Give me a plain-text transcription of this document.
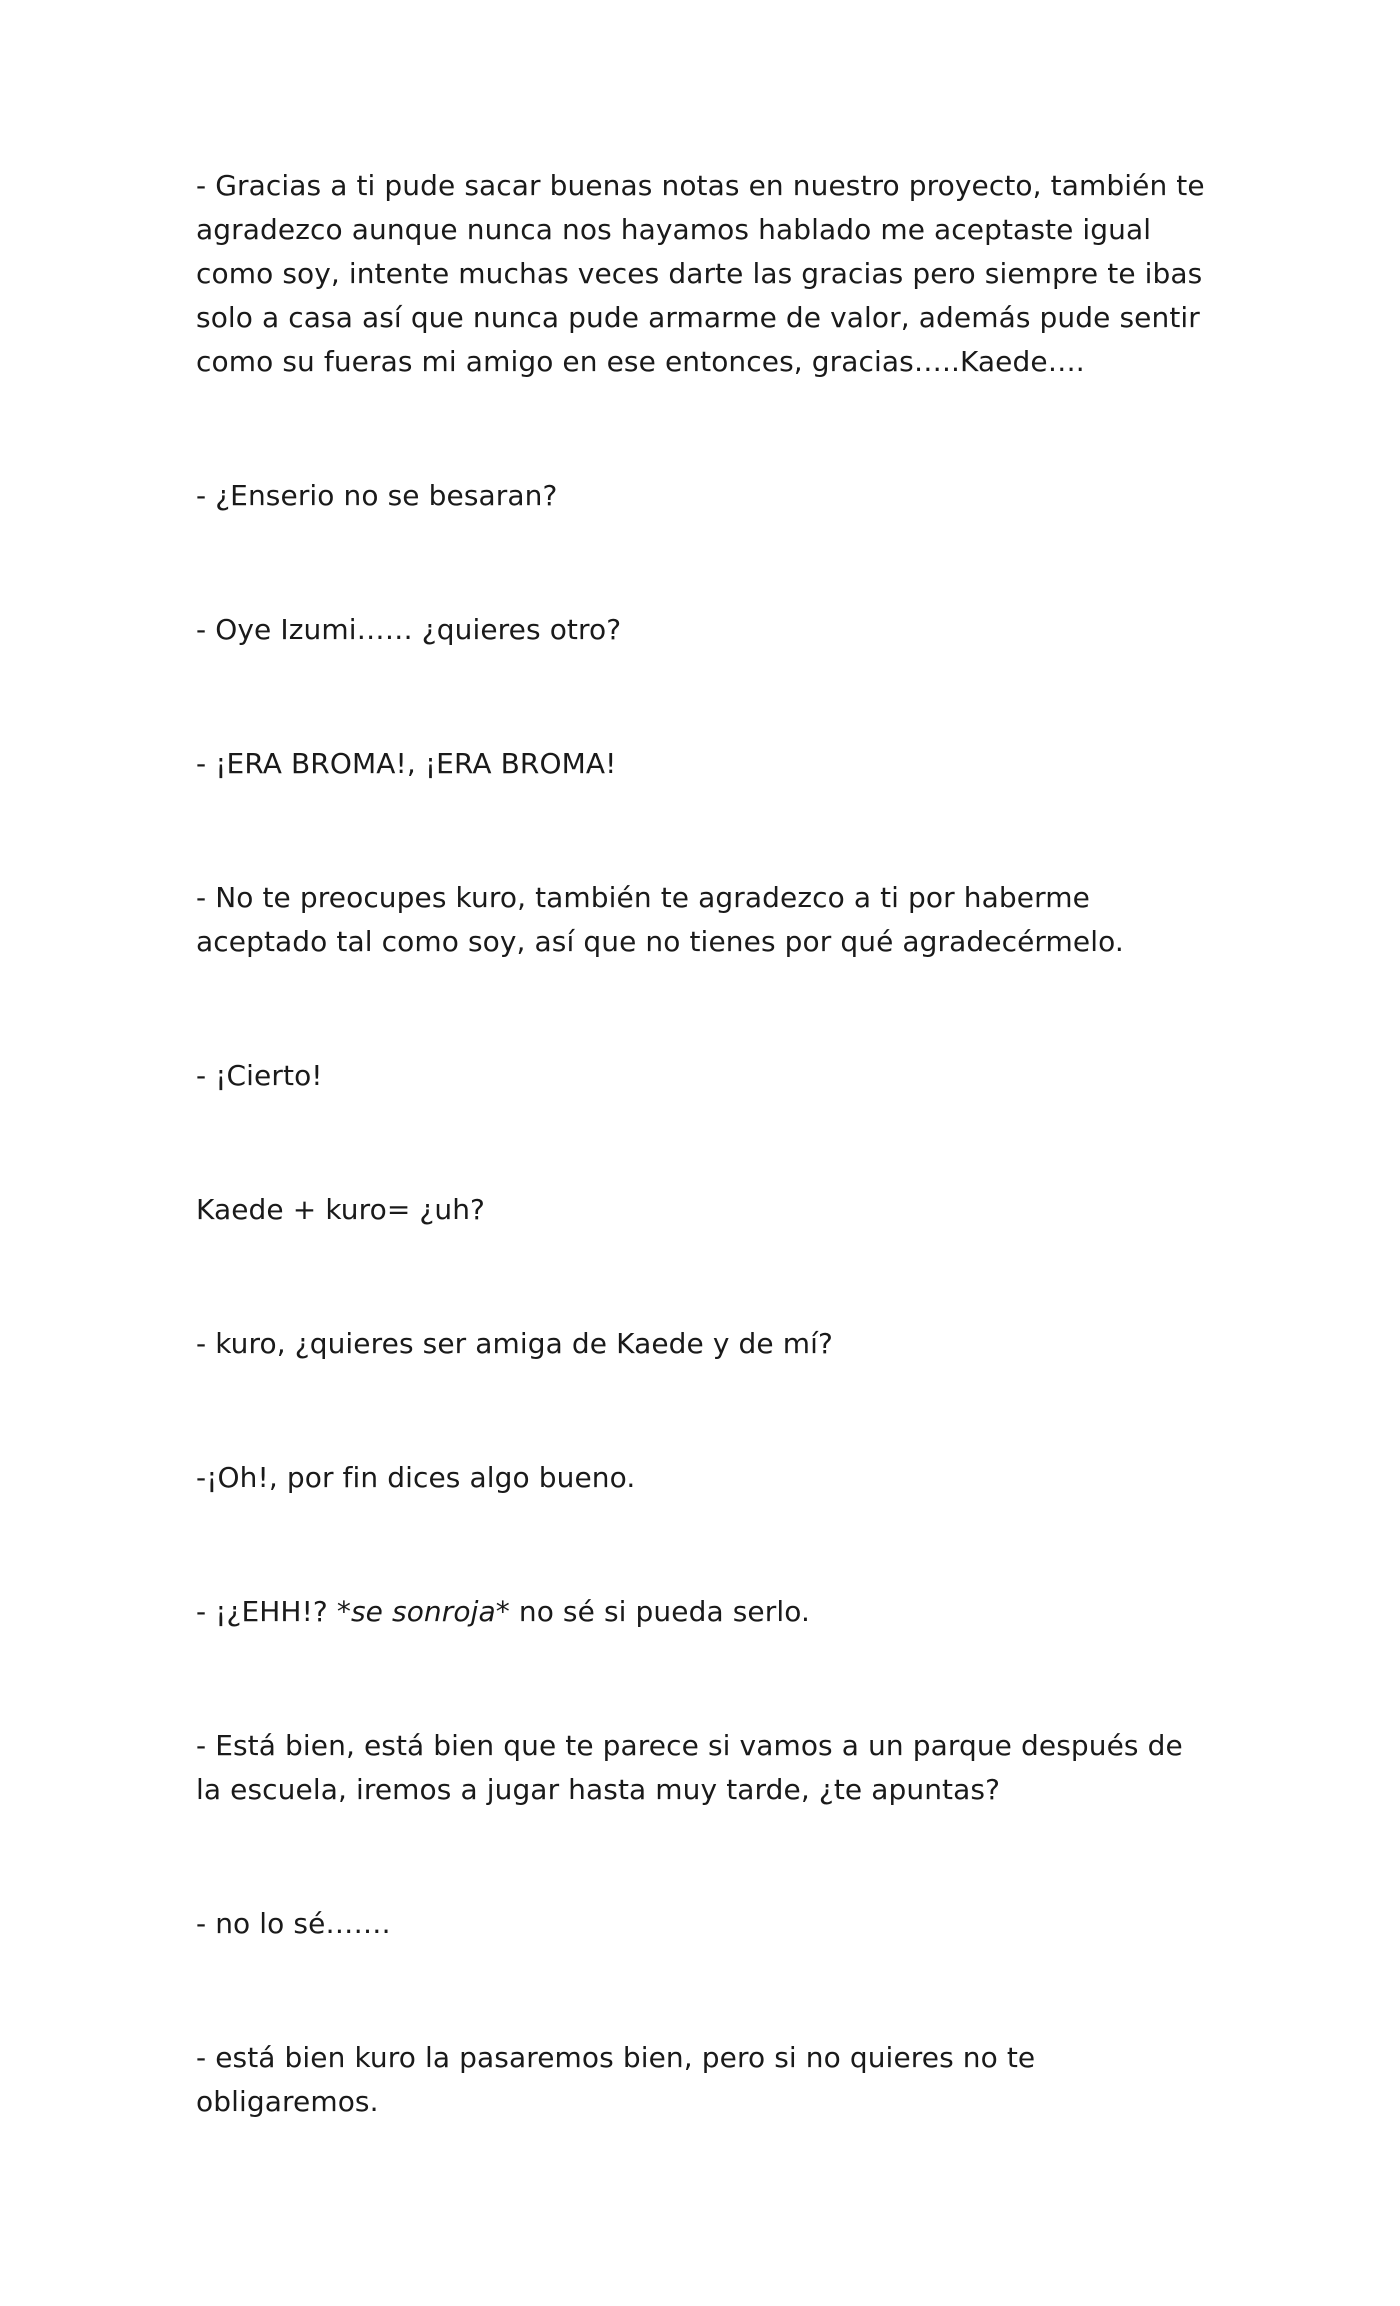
- Gracias a ti pude sacar buenas notas en nuestro proyecto, también te agradezco aunque nunca nos hayamos hablado me aceptaste igual como soy, intente muchas veces darte las gracias pero siempre te ibas solo a casa así que nunca pude armarme de valor, además pude sentir como su fueras mi amigo en ese entonces, gracias…..Kaede….

- ¿Enserio no se besaran?

- Oye Izumi…… ¿quieres otro?

- ¡ERA BROMA!, ¡ERA BROMA!

- No te preocupes kuro, también te agradezco a ti por haberme aceptado tal como soy, así que no tienes por qué agradecérmelo.

- ¡Cierto!

Kaede + kuro= ¿uh?

- kuro, ¿quieres ser amiga de Kaede y de mí?

-¡Oh!, por fin dices algo bueno.

- ¡¿EHH!? *se sonroja* no sé si pueda serlo.

- Está bien, está bien que te parece si vamos a un parque después de la escuela, iremos a jugar hasta muy tarde, ¿te apuntas?

- no lo sé…….

- está bien kuro la pasaremos bien, pero si no quieres no te obligaremos.
